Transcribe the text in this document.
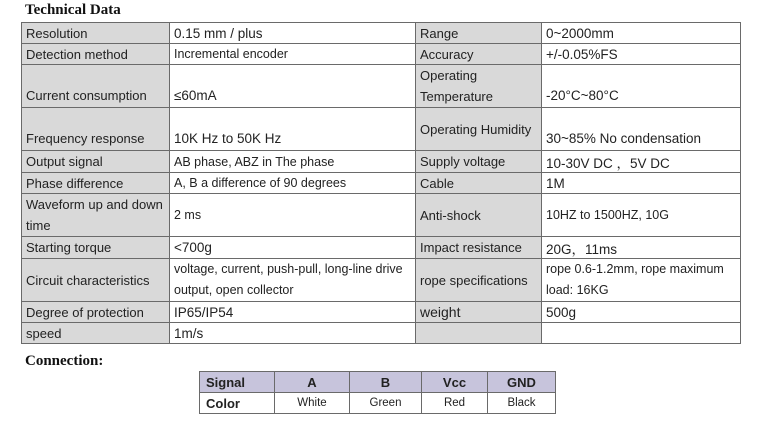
Technical Data
Resolution	0.15 mm / plus	Range	0~2000mm
Detection method	Incremental encoder	Accuracy	+/-0.05%FS
Current consumption	≤60mA	Operating Temperature	-20°C~80°C
Frequency response	10K Hz to 50K Hz	Operating Humidity	30~85% No condensation
Output signal	AB phase, ABZ in The phase	Supply voltage	10-30V DC ，5V DC
Phase difference	A, B a difference of 90 degrees	Cable	1M

Waveform up and down time	2 ms	Anti-shock	10HZ to 1500HZ, 10G
Starting torque	<700g	Impact resistance	20G，11ms
Circuit characteristics	voltage, current, push-pull, long-line drive output, open collector	rope specifications	rope 0.6-1.2mm, rope maximum load: 16KG

Degree of protection	IP65/IP54	weight	500g
speed	1m/s		
Connection:
Signal	A	B	Vcc	GND
Color	White	Green	Red	Black
